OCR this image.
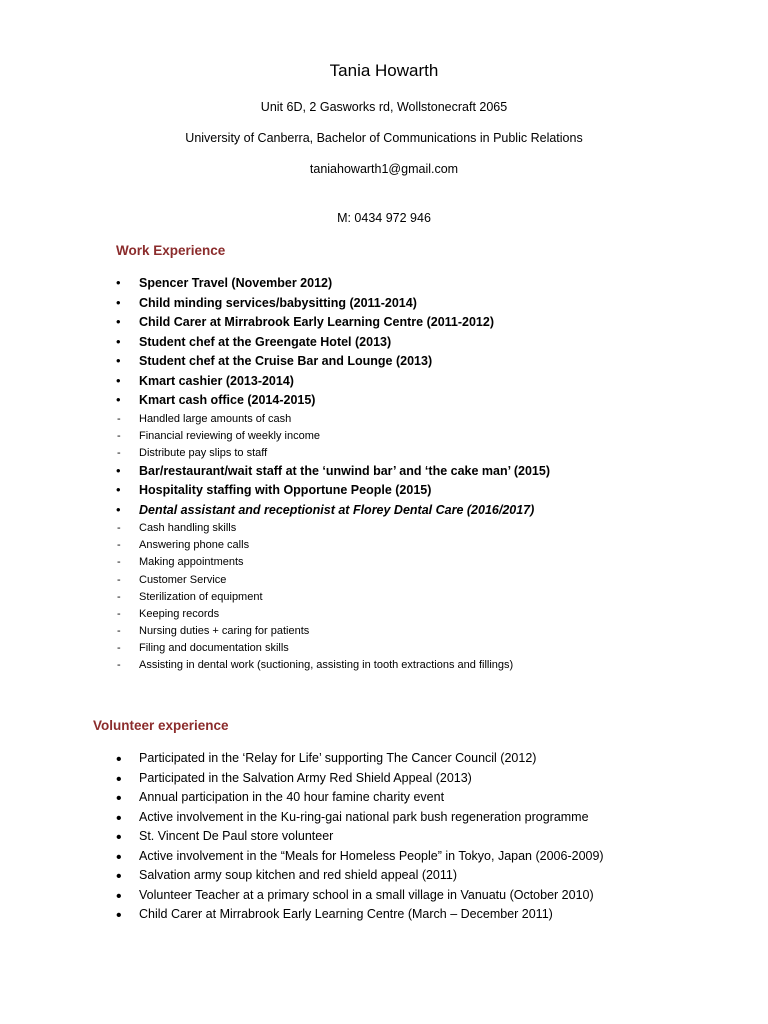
Tania Howarth
Unit 6D, 2 Gasworks rd, Wollstonecraft 2065
University of Canberra, Bachelor of Communications in Public Relations
taniahowarth1@gmail.com
M: 0434 972 946
Work Experience
• Spencer Travel (November 2012)
• Child minding services/babysitting (2011-2014)
• Child Carer at Mirrabrook Early Learning Centre (2011-2012)
• Student chef at the Greengate Hotel (2013)
• Student chef at the Cruise Bar and Lounge (2013)
• Kmart cashier (2013-2014)
• Kmart cash office (2014-2015)
- Handled large amounts of cash
- Financial reviewing of weekly income
- Distribute pay slips to staff
• Bar/restaurant/wait staff at the ‘unwind bar’ and ‘the cake man’ (2015)
• Hospitality staffing with Opportune People (2015)
• Dental assistant and receptionist at Florey Dental Care (2016/2017)
- Cash handling skills
- Answering phone calls
- Making appointments
- Customer Service
- Sterilization of equipment
- Keeping records
- Nursing duties + caring for patients
- Filing and documentation skills
- Assisting in dental work (suctioning, assisting in tooth extractions and fillings)
Volunteer experience
• Participated in the ‘Relay for Life’ supporting The Cancer Council (2012)
• Participated in the Salvation Army Red Shield Appeal (2013)
• Annual participation in the 40 hour famine charity event
• Active involvement in the Ku-ring-gai national park bush regeneration programme
• St. Vincent De Paul store volunteer
• Active involvement in the “Meals for Homeless People” in Tokyo, Japan (2006-2009)
• Salvation army soup kitchen and red shield appeal (2011)
• Volunteer Teacher at a primary school in a small village in Vanuatu (October 2010)
• Child Carer at Mirrabrook Early Learning Centre (March – December 2011)
